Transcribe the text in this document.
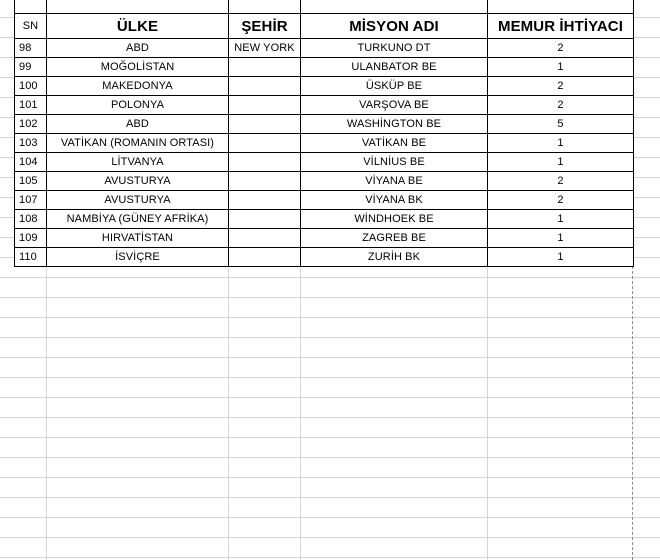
SN	ÜLKE	ŞEHİR	MİSYON ADI	MEMUR İHTİYACI
98	ABD	NEW YORK	TURKUNO DT	2
99	MOĞOLİSTAN		ULANBATOR BE	1
100	MAKEDONYA		ÜSKÜP BE	2
101	POLONYA		VARŞOVA BE	2
102	ABD		WASHİNGTON BE	5
103	VATİKAN (ROMANIN ORTASI)		VATİKAN BE	1
104	LİTVANYA		VİLNİUS BE	1
105	AVUSTURYA		VİYANA BE	2
107	AVUSTURYA		VİYANA BK	2
108	NAMBİYA (GÜNEY AFRİKA)		WİNDHOEK BE	1
109	HIRVATİSTAN		ZAGREB BE	1
110	İSVİÇRE		ZURİH BK	1
